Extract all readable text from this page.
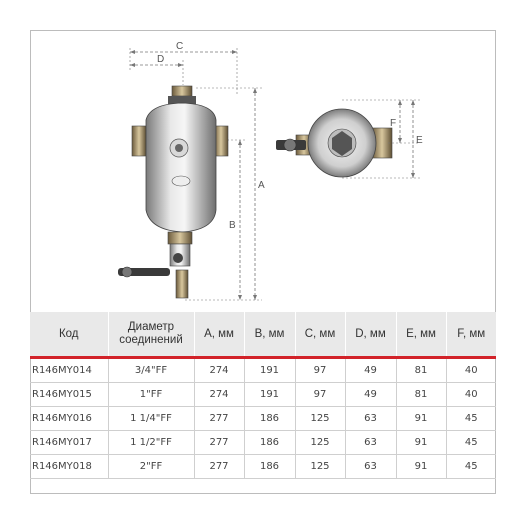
C
D
A
B
E
F
Код	Диаметр соединений	A, мм	B, мм	C, мм	D, мм	E, мм	F, мм
R146MY014	3/4"FF	274	191	97	49	81	40
R146MY015	1"FF	274	191	97	49	81	40
R146MY016	1 1/4"FF	277	186	125	63	91	45
R146MY017	1 1/2"FF	277	186	125	63	91	45
R146MY018	2"FF	277	186	125	63	91	45
